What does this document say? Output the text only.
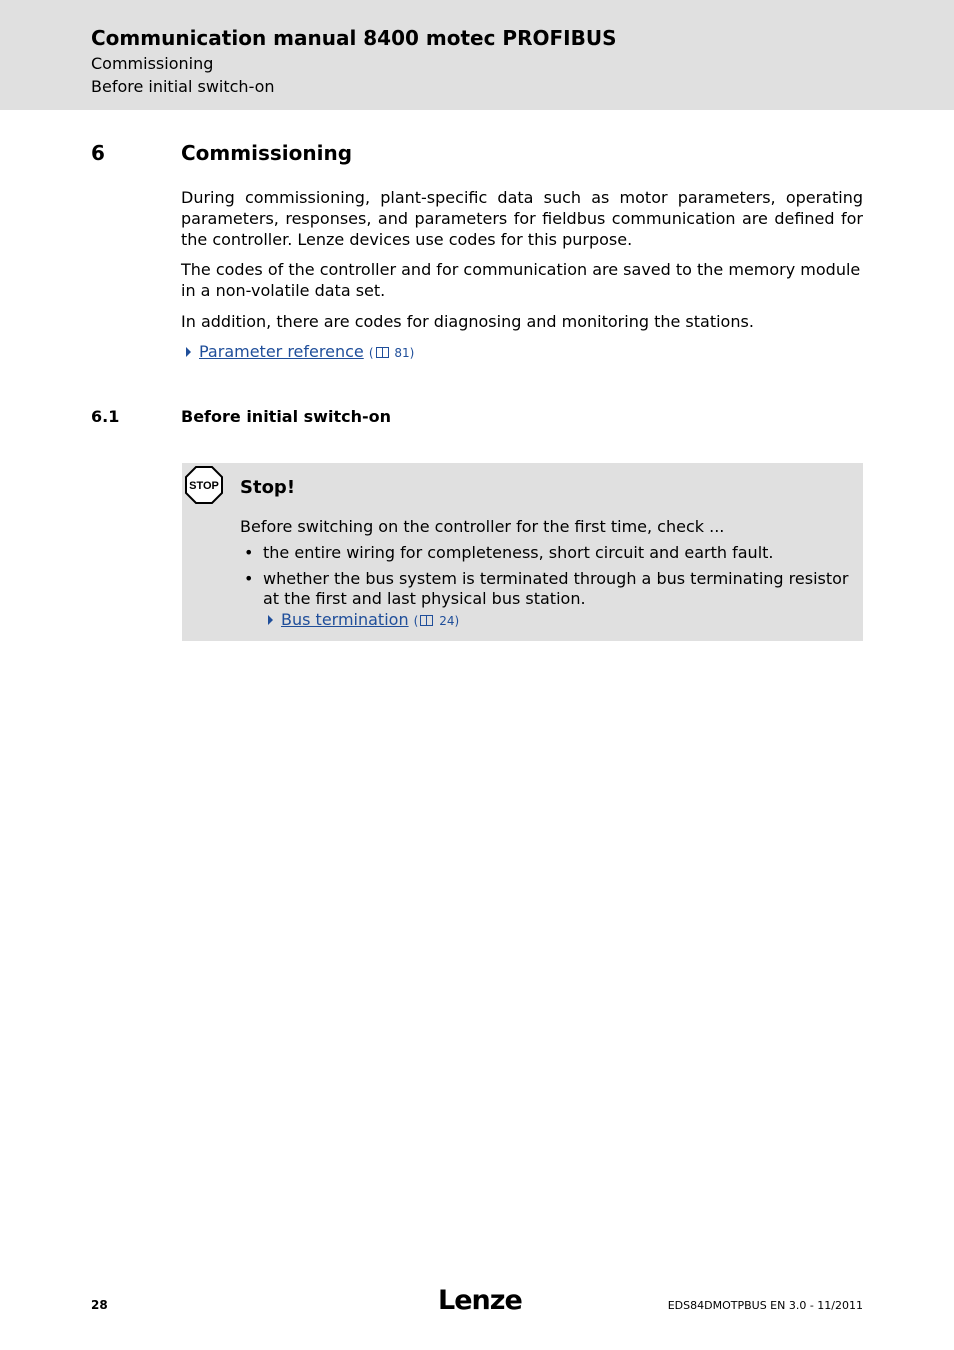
Communication manual 8400 motec PROFIBUS
Commissioning
Before initial switch-on
6	Commissioning

During commissioning, plant-specific data such as motor parameters, operating parameters, responses, and parameters for fieldbus communication are defined for the controller. Lenze devices use codes for this purpose.

The codes of the controller and for communication are saved to the memory module in a non-volatile data set.

In addition, there are codes for diagnosing and monitoring the stations.

Parameter reference ( 81)
6.1	Before initial switch-on
STOP Stop!
Before switching on the controller for the first time, check ...
• the entire wiring for completeness, short circuit and earth fault.
• whether the bus system is terminated through a bus terminating resistor at the first and last physical bus station.
Bus termination ( 24)
28	Lenze	EDS84DMOTPBUS EN 3.0 - 11/2011
